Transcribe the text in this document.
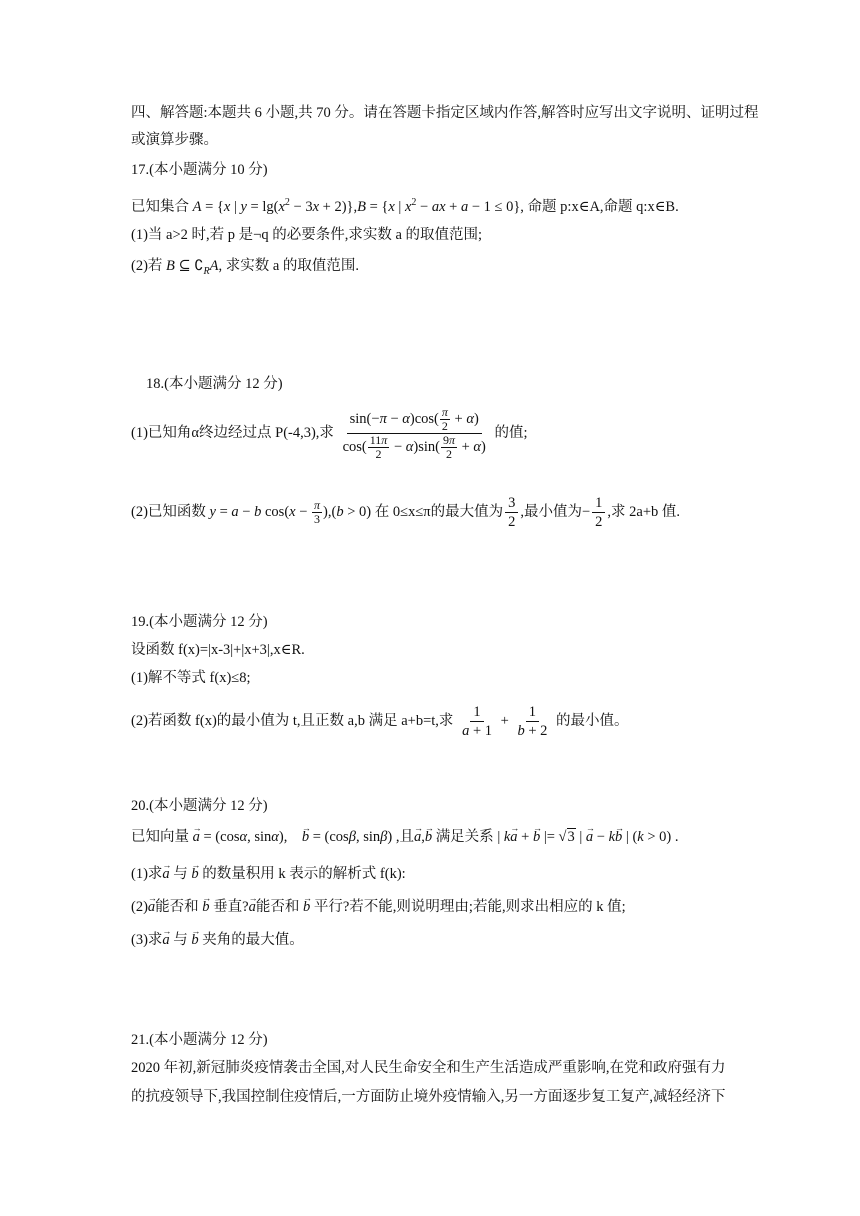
四、解答题:本题共 6 小题,共 70 分。请在答题卡指定区域内作答,解答时应写出文字说明、证明过程
或演算步骤。
17.(本小题满分 10 分)
已知集合 A = {x | $y = \lg(x^2 - 3x + 2)\},B = \{x$ | $x^2$ − ax + a − 1 ≤ 0}, 命题 p:x∈A,命题 q:x∈B.
(1)当 a>2 时,若 p 是¬q 的必要条件,求实数 a 的取值范围;
(2)若 B ⊆ $∁_RA$, 求实数 a 的取值范围.
18.(本小题满分 12 分)
(1)已知角α终边经过点 P(-4,3),求 $\frac{\sin(-\pi - \alpha)\cos( \frac{\pi}{2} + \alpha)}{\cos( \frac{11\pi}{2} - \alpha)\sin( \frac{9\pi}{2} + \alpha)}$ 的值;
(2)已知函数 y = a − b $\cos(x - \frac{\pi}{3} ),(b > 0)$ 在 0≤x≤π的最大值为 $\frac{3}{2}$ ,最小值为− $\frac{1}{2}$ ,求 2a+b 值.
19.(本小题满分 12 分)
设函数 f(x)=|x-3|+|x+3|,x∈R.
(1)解不等式 f(x)≤8;
(2)若函数 f(x)的最小值为 t,且正数 a,b 满足 a+b=t,求 $\frac{1}{a + 1} + \frac{1}{b + 2}$ 的最小值。
20.(本小题满分 12 分)
已知向量 → a = (cosα, sinα),    → b = (cosβ, sinβ) ,且→ a,→ b 满足关系 | k→ a + → b |= √3 | → a − k→ b | (k > 0) .
(1)求→ a 与 → b 的数量积用 k 表示的解析式 f(k):
(2)→ a能否和 → b 垂直?→ a能否和 → b 平行?若不能,则说明理由;若能,则求出相应的 k 值;
(3)求→ a 与 → b 夹角的最大值。
21.(本小题满分 12 分)
2020 年初,新冠肺炎疫情袭击全国,对人民生命安全和生产生活造成严重影响,在党和政府强有力
的抗疫领导下,我国控制住疫情后,一方面防止境外疫情输入,另一方面逐步复工复产,减轻经济下
